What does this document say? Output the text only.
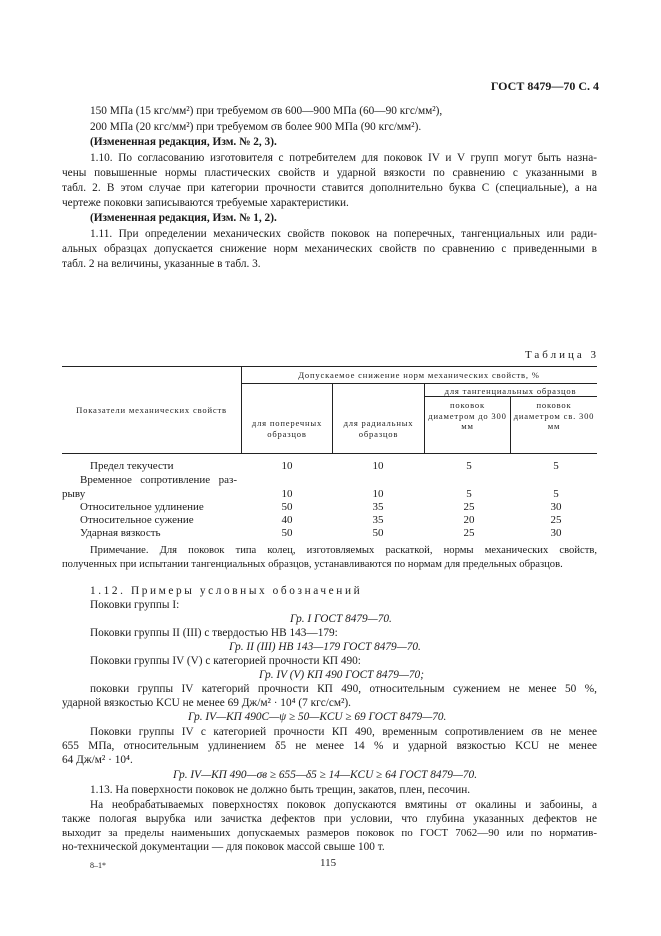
ГОСТ 8479—70 С. 4
150 МПа (15 кгс/мм²) при требуемом σв 600—900 МПа (60—90 кгс/мм²),
200 МПа (20 кгс/мм²) при требуемом σв более 900 МПа (90 кгс/мм²).
(Измененная редакция, Изм. № 2, 3).
1.10. По согласованию изготовителя с потребителем для поковок IV и V групп могут быть назна-
чены повышенные нормы пластических свойств и ударной вязкости по сравнению с указанными в
табл. 2. В этом случае при категории прочности ставится дополнительно буква С (специальные), а на
чертеже поковки записываются требуемые характеристики.
(Измененная редакция, Изм. № 1, 2).
1.11. При определении механических свойств поковок на поперечных, тангенциальных или ради-
альных образцах допускается снижение норм механических свойств по сравнению с приведенными в
табл. 2 на величины, указанные в табл. 3.
Таблица 3
Показатели механических свойств
Допускаемое снижение норм механических свойств, %
для поперечных образцов
для радиальных образцов
для тангенциальных образцов
поковок диаметром до 300 мм
поковок диаметром св. 300 мм
Предел текучести	10	10	5	5
Временное сопротивление раз-
рыву	10	10	5	5
Относительное удлинение	50	35	25	30
Относительное сужение	40	35	20	25
Ударная вязкость	50	50	25	30
Примечание. Для поковок типа колец, изготовляемых раскаткой, нормы механических свойств,
полученных при испытании тангенциальных образцов, устанавливаются по нормам для предельных образцов.
1.12. Примеры условных обозначений
Поковки группы I:
Гр. I ГОСТ 8479—70.
Поковки группы II (III) с твердостью НВ 143—179:
Гр. II (III) НВ 143—179 ГОСТ 8479—70.
Поковки группы IV (V) с категорией прочности КП 490:
Гр. IV (V) КП 490 ГОСТ 8479—70;
поковки группы IV категорий прочности КП 490, относительным сужением не менее 50 %,
ударной вязкостью KCU не менее 69 Дж/м² · 10⁴ (7 кгс/см²).
Гр. IV—КП 490С—ψ ≥ 50—KCU ≥ 69 ГОСТ 8479—70.
Поковки группы IV с категорией прочности КП 490, временным сопротивлением σв не менее
655 МПа, относительным удлинением δ5 не менее 14 % и ударной вязкостью KCU не менее
64 Дж/м² · 10⁴.
Гр. IV—КП 490—σв ≥ 655—δ5 ≥ 14—KCU ≥ 64 ГОСТ 8479—70.
1.13. На поверхности поковок не должно быть трещин, закатов, плен, песочин.
На необрабатываемых поверхностях поковок допускаются вмятины от окалины и забоины, а
также пологая вырубка или зачистка дефектов при условии, что глубина указанных дефектов не
выходит за пределы наименьших допускаемых размеров поковок по ГОСТ 7062—90 или по норматив-
но-технической документации — для поковок массой свыше 100 т.
8–1*	115
